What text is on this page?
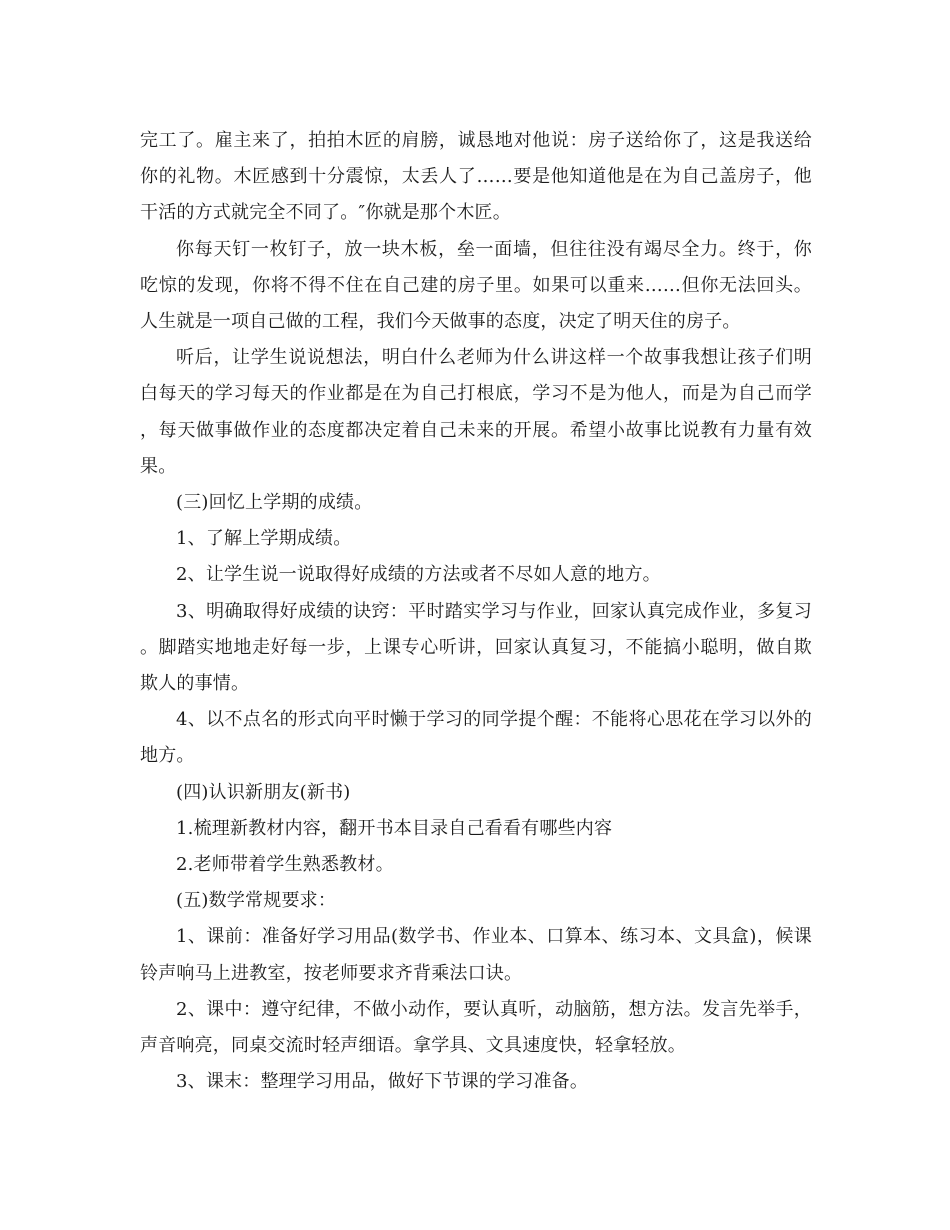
完工了。雇主来了，拍拍木匠的肩膀，诚恳地对他说：房子送给你了，这是我送给你的礼物。木匠感到十分震惊，太丢人了……要是他知道他是在为自己盖房子，他干活的方式就完全不同了。″你就是那个木匠。

你每天钉一枚钉子，放一块木板，垒一面墙，但往往没有竭尽全力。终于，你吃惊的发现，你将不得不住在自己建的房子里。如果可以重来……但你无法回头。人生就是一项自己做的工程，我们今天做事的态度，决定了明天住的房子。

听后，让学生说说想法，明白什么老师为什么讲这样一个故事我想让孩子们明白每天的学习每天的作业都是在为自己打根底，学习不是为他人，而是为自己而学，每天做事做作业的态度都决定着自己未来的开展。希望小故事比说教有力量有效果。

(三)回忆上学期的成绩。

1、了解上学期成绩。

2、让学生说一说取得好成绩的方法或者不尽如人意的地方。

3、明确取得好成绩的诀窍：平时踏实学习与作业，回家认真完成作业，多复习。脚踏实地地走好每一步，上课专心听讲，回家认真复习，不能搞小聪明，做自欺欺人的事情。

4、以不点名的形式向平时懒于学习的同学提个醒：不能将心思花在学习以外的地方。

(四)认识新朋友(新书)

1.梳理新教材内容，翻开书本目录自己看看有哪些内容

2.老师带着学生熟悉教材。

(五)数学常规要求：

1、课前：准备好学习用品(数学书、作业本、口算本、练习本、文具盒)，候课铃声响马上进教室，按老师要求齐背乘法口诀。

2、课中：遵守纪律，不做小动作，要认真听，动脑筋，想方法。发言先举手，声音响亮，同桌交流时轻声细语。拿学具、文具速度快，轻拿轻放。

3、课末：整理学习用品，做好下节课的学习准备。
